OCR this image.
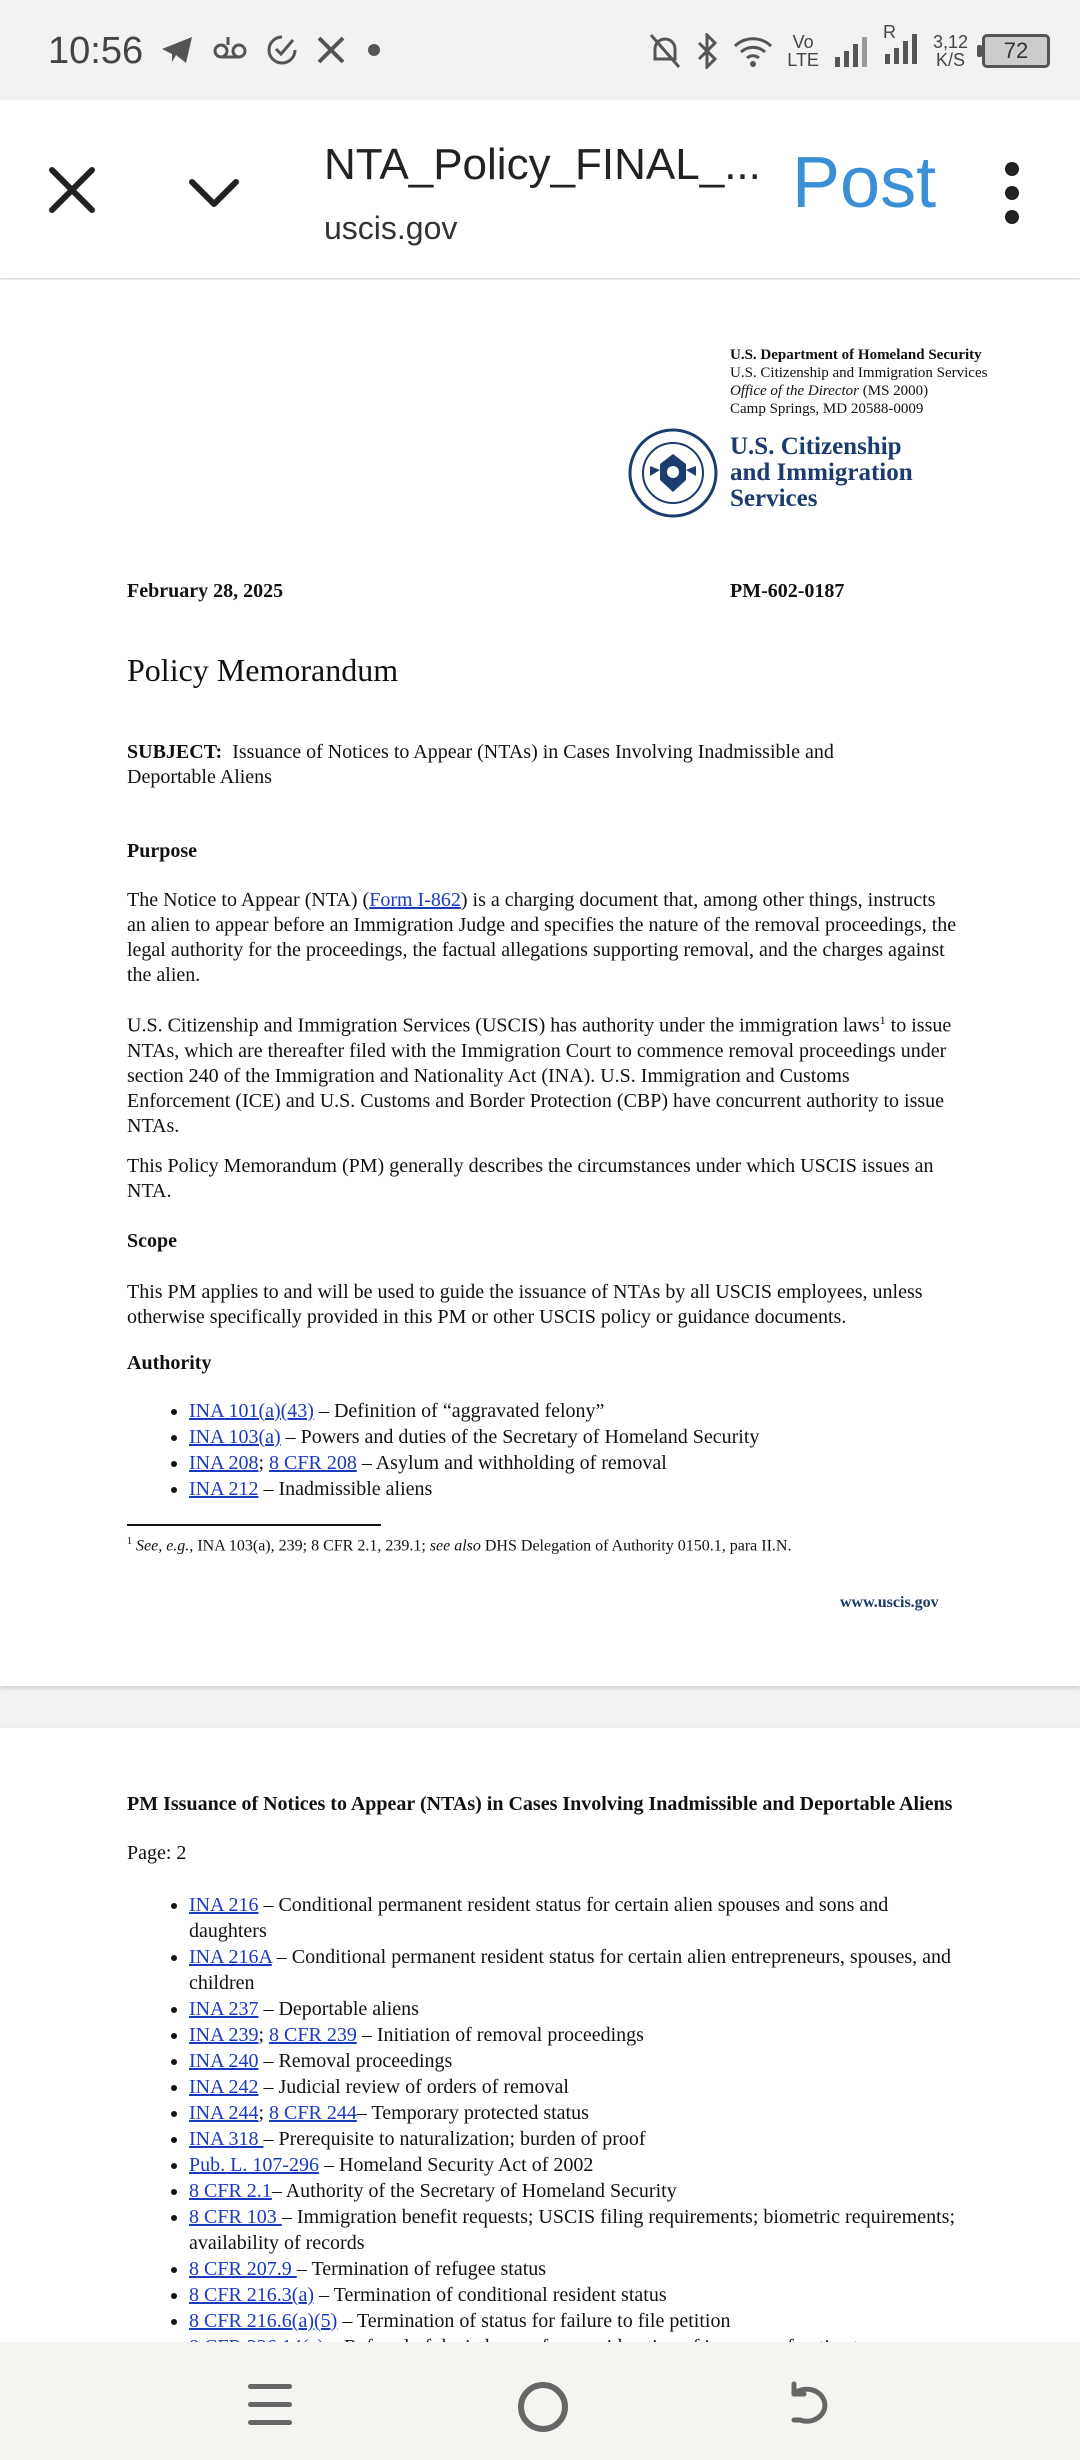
10:56	Vo
LTE
R 3,12
K/S	72
NTA_Policy_FINAL_...
uscis.gov
Post
U.S. Department of Homeland Security
U.S. Citizenship and Immigration Services
Office of the Director (MS 2000)
Camp Springs, MD 20588-0009
U.S. Citizenship
and Immigration
Services
February 28, 2025	PM-602-0187
Policy Memorandum
SUBJECT: Issuance of Notices to Appear (NTAs) in Cases Involving Inadmissible and Deportable Aliens
Purpose
The Notice to Appear (NTA) (Form I-862) is a charging document that, among other things, instructs an alien to appear before an Immigration Judge and specifies the nature of the removal proceedings, the legal authority for the proceedings, the factual allegations supporting removal, and the charges against the alien.
U.S. Citizenship and Immigration Services (USCIS) has authority under the immigration laws$^1$ to issue NTAs, which are thereafter filed with the Immigration Court to commence removal proceedings under section 240 of the Immigration and Nationality Act (INA). U.S. Immigration and Customs Enforcement (ICE) and U.S. Customs and Border Protection (CBP) have concurrent authority to issue NTAs.
This Policy Memorandum (PM) generally describes the circumstances under which USCIS issues an NTA.
Scope
This PM applies to and will be used to guide the issuance of NTAs by all USCIS employees, unless otherwise specifically provided in this PM or other USCIS policy or guidance documents.
Authority
• INA 101(a)(43) – Definition of “aggravated felony”
• INA 103(a) – Powers and duties of the Secretary of Homeland Security
• INA 208; 8 CFR 208 – Asylum and withholding of removal
• INA 212 – Inadmissible aliens
$^1$ See, e.g., INA 103(a), 239; 8 CFR 2.1, 239.1; see also DHS Delegation of Authority 0150.1, para II.N.
www.uscis.gov
PM Issuance of Notices to Appear (NTAs) in Cases Involving Inadmissible and Deportable Aliens
Page: 2
• INA 216 – Conditional permanent resident status for certain alien spouses and sons and daughters
• INA 216A – Conditional permanent resident status for certain alien entrepreneurs, spouses, and children
• INA 237 – Deportable aliens
• INA 239; 8 CFR 239 – Initiation of removal proceedings
• INA 240 – Removal proceedings
• INA 242 – Judicial review of orders of removal
• INA 244; 8 CFR 244– Temporary protected status
• INA 318 – Prerequisite to naturalization; burden of proof
• Pub. L. 107-296 – Homeland Security Act of 2002
• 8 CFR 2.1– Authority of the Secretary of Homeland Security
• 8 CFR 103 – Immigration benefit requests; USCIS filing requirements; biometric requirements; availability of records
• 8 CFR 207.9 – Termination of refugee status
• 8 CFR 216.3(a) – Termination of conditional resident status
• 8 CFR 216.6(a)(5) – Termination of status for failure to file petition
•
